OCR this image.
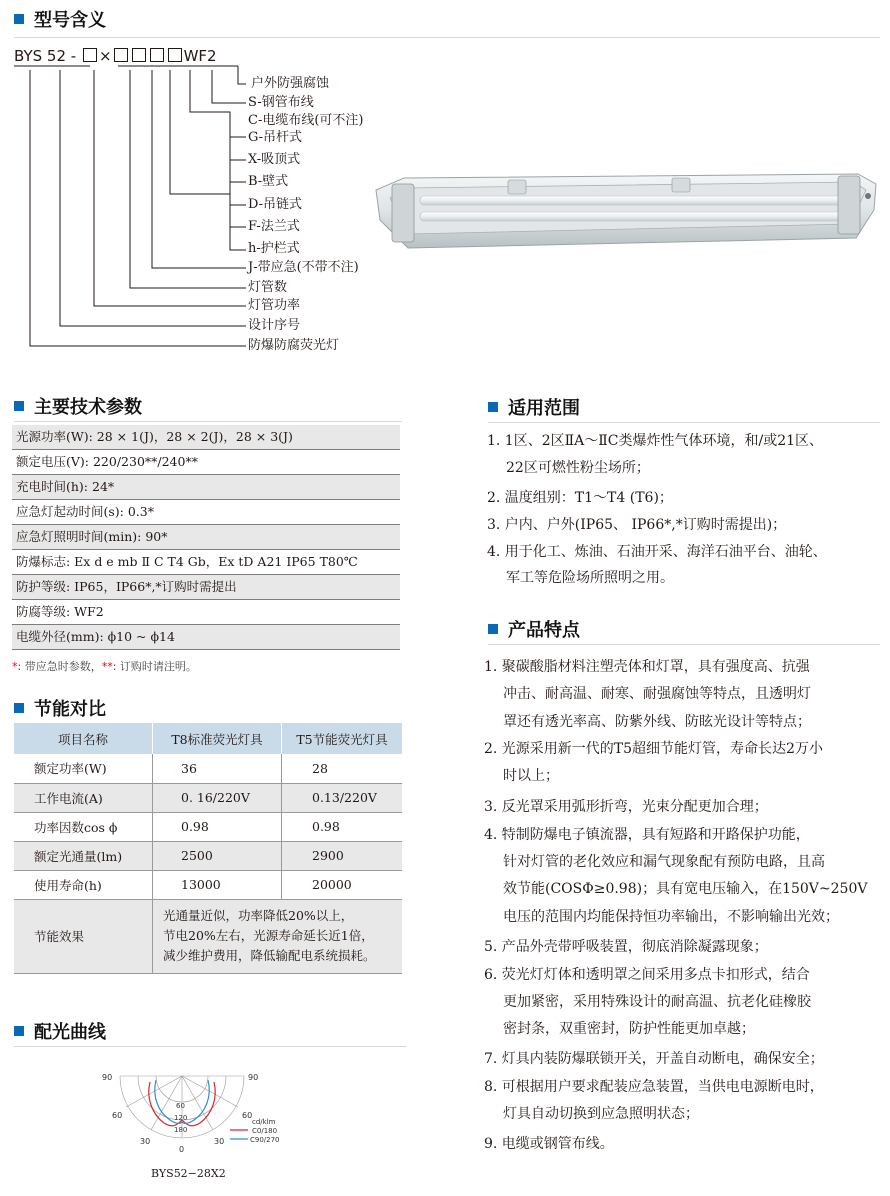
型号含义
BYS 52 - ×	WF2
户外防强腐蚀
S-钢管布线
C-电缆布线(可不注)
G-吊杆式
X-吸顶式
B-壁式
D-吊链式
F-法兰式
h-护栏式
J-带应急(不带不注)
灯管数
灯管功率
设计序号
防爆防腐荧光灯
主要技术参数
光源功率(W): 28 × 1(J)，28 × 2(J)，28 × 3(J)
额定电压(V): 220/230**/240**
充电时间(h): 24*
应急灯起动时间(s): 0.3*
应急灯照明时间(min): 90*
防爆标志: Ex d e mb Ⅱ C T4 Gb，Ex tD A21 IP65 T80℃
防护等级: IP65，IP66*,*订购时需提出
防腐等级: WF2
电缆外径(mm): ϕ10 ~ ϕ14
*: 带应急时参数，**: 订购时请注明。
节能对比
项目名称	T8标准荧光灯具	T5节能荧光灯具
额定功率(W)	36	28
工作电流(A)	0. 16/220V	0.13/220V
功率因数cos ϕ	0.98	0.98
额定光通量(lm)	2500	2900
使用寿命(h)	13000	20000
节能效果	光通量近似，功率降低20%以上，
节电20%左右，光源寿命延长近1倍，
减少维护费用，降低输配电系统损耗。	
配光曲线
90	90
60	60
30	30
0
60
120
180
cd/klm
C0/180
C90/270
BYS52−28X2
适用范围
1. 1区、2区ⅡA～ⅡC类爆炸性气体环境，和/或21区、
22区可燃性粉尘场所；
2. 温度组别：T1～T4 (T6)；
3. 户内、户外(IP65、 IP66*,*订购时需提出)；
4. 用于化工、炼油、石油开采、海洋石油平台、油轮、
军工等危险场所照明之用。
产品特点
1. 聚碳酸脂材料注塑壳体和灯罩，具有强度高、抗强
冲击、耐高温、耐寒、耐强腐蚀等特点，且透明灯
罩还有透光率高、防紫外线、防眩光设计等特点；
2. 光源采用新一代的T5超细节能灯管，寿命长达2万小
时以上；
3. 反光罩采用弧形折弯，光束分配更加合理；
4. 特制防爆电子镇流器，具有短路和开路保护功能，
针对灯管的老化效应和漏气现象配有预防电路，且高
效节能(COSΦ≥0.98)；具有宽电压输入，在150V~250V
电压的范围内均能保持恒功率输出，不影响输出光效；
5. 产品外壳带呼吸装置，彻底消除凝露现象；
6. 荧光灯灯体和透明罩之间采用多点卡扣形式，结合
更加紧密，采用特殊设计的耐高温、抗老化硅橡胶
密封条，双重密封，防护性能更加卓越；
7. 灯具内装防爆联锁开关，开盖自动断电，确保安全；
8. 可根据用户要求配装应急装置，当供电电源断电时，
灯具自动切换到应急照明状态；
9. 电缆或钢管布线。
